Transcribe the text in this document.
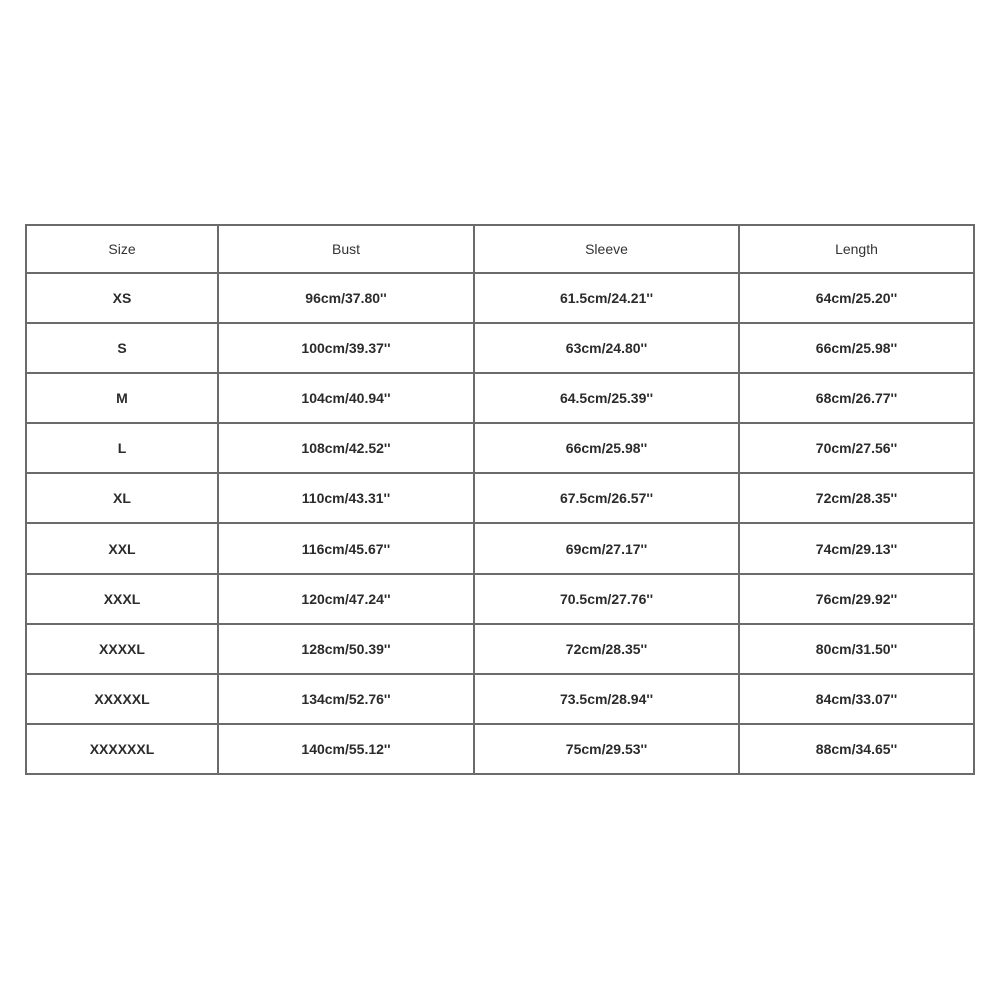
Size	Bust	Sleeve	Length
XS	96cm/37.80''	61.5cm/24.21''	64cm/25.20''
S	100cm/39.37''	63cm/24.80''	66cm/25.98''
M	104cm/40.94''	64.5cm/25.39''	68cm/26.77''
L	108cm/42.52''	66cm/25.98''	70cm/27.56''
XL	110cm/43.31''	67.5cm/26.57''	72cm/28.35''
XXL	116cm/45.67''	69cm/27.17''	74cm/29.13''
XXXL	120cm/47.24''	70.5cm/27.76''	76cm/29.92''
XXXXL	128cm/50.39''	72cm/28.35''	80cm/31.50''
XXXXXL	134cm/52.76''	73.5cm/28.94''	84cm/33.07''
XXXXXXL	140cm/55.12''	75cm/29.53''	88cm/34.65''
